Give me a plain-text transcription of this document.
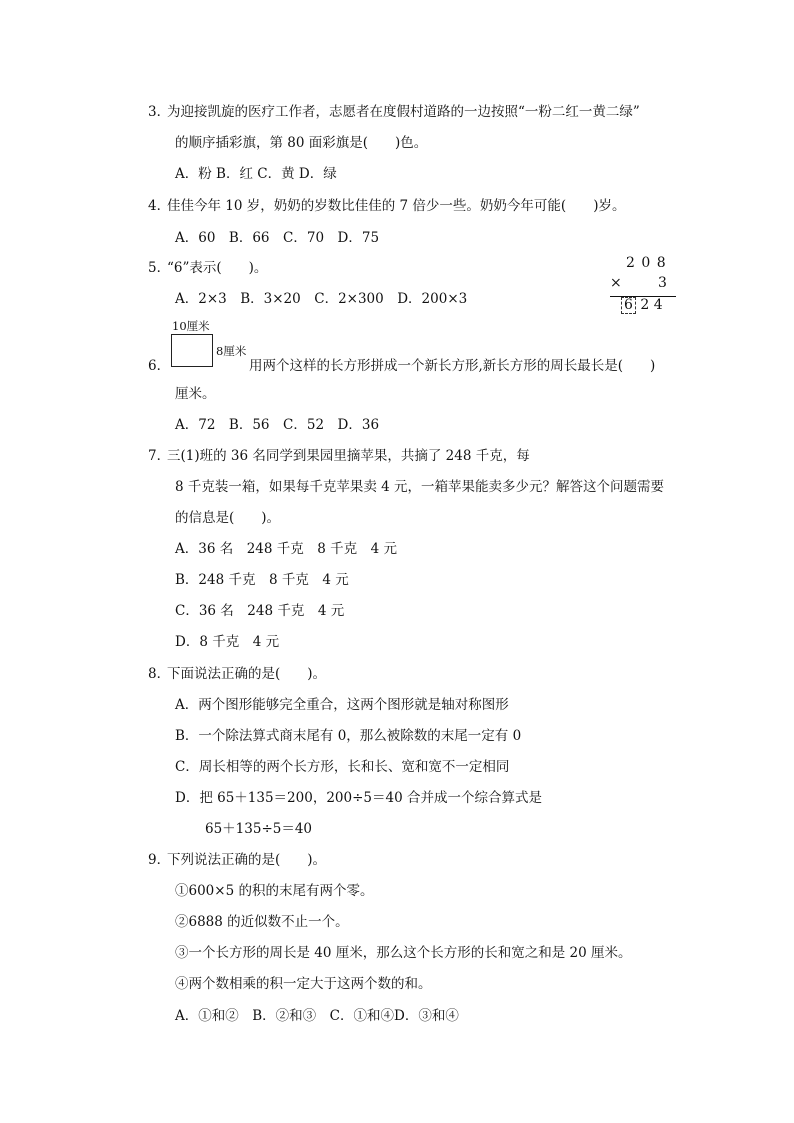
3．
为迎接凯旋的医疗工作者，志愿者在度假村道路的一边按照“一粉二红一黄二绿”
的顺序插彩旗，第 80 面彩旗是(　　)色。
A．粉 B．红 C．黄 D．绿
4．
佳佳今年 10 岁，奶奶的岁数比佳佳的 7 倍少一些。奶奶今年可能(　　)岁。
A．60　B．66　C．70　D．75
5．
“6”表示(　　)。
A．2×3　B．3×20　C．2×300　D．200×3
2 0 8
×	3
6 2 4
10厘米
8厘米
6．	用两个这样的长方形拼成一个新长方形,新长方形的周长最长是(　　)
厘米。
A．72　B．56　C．52　D．36
7．
三(1)班的 36 名同学到果园里摘苹果，共摘了 248 千克，每
8 千克装一箱，如果每千克苹果卖 4 元，一箱苹果能卖多少元？解答这个问题需要
的信息是(　　)。
A．36 名　248 千克　8 千克　4 元
B．248 千克　8 千克　4 元
C．36 名　248 千克　4 元
D．8 千克　4 元
8．
下面说法正确的是(　　)。
A．两个图形能够完全重合，这两个图形就是轴对称图形
B．一个除法算式商末尾有 0，那么被除数的末尾一定有 0
C．周长相等的两个长方形，长和长、宽和宽不一定相同
D．把 65＋135＝200，200÷5＝40 合并成一个综合算式是
65＋135÷5＝40
9．
下列说法正确的是(　　)。
①600×5 的积的末尾有两个零。
②6888 的近似数不止一个。
③一个长方形的周长是 40 厘米，那么这个长方形的长和宽之和是 20 厘米。
④两个数相乘的积一定大于这两个数的和。
A．①和②　B．②和③　C．①和④D．③和④
